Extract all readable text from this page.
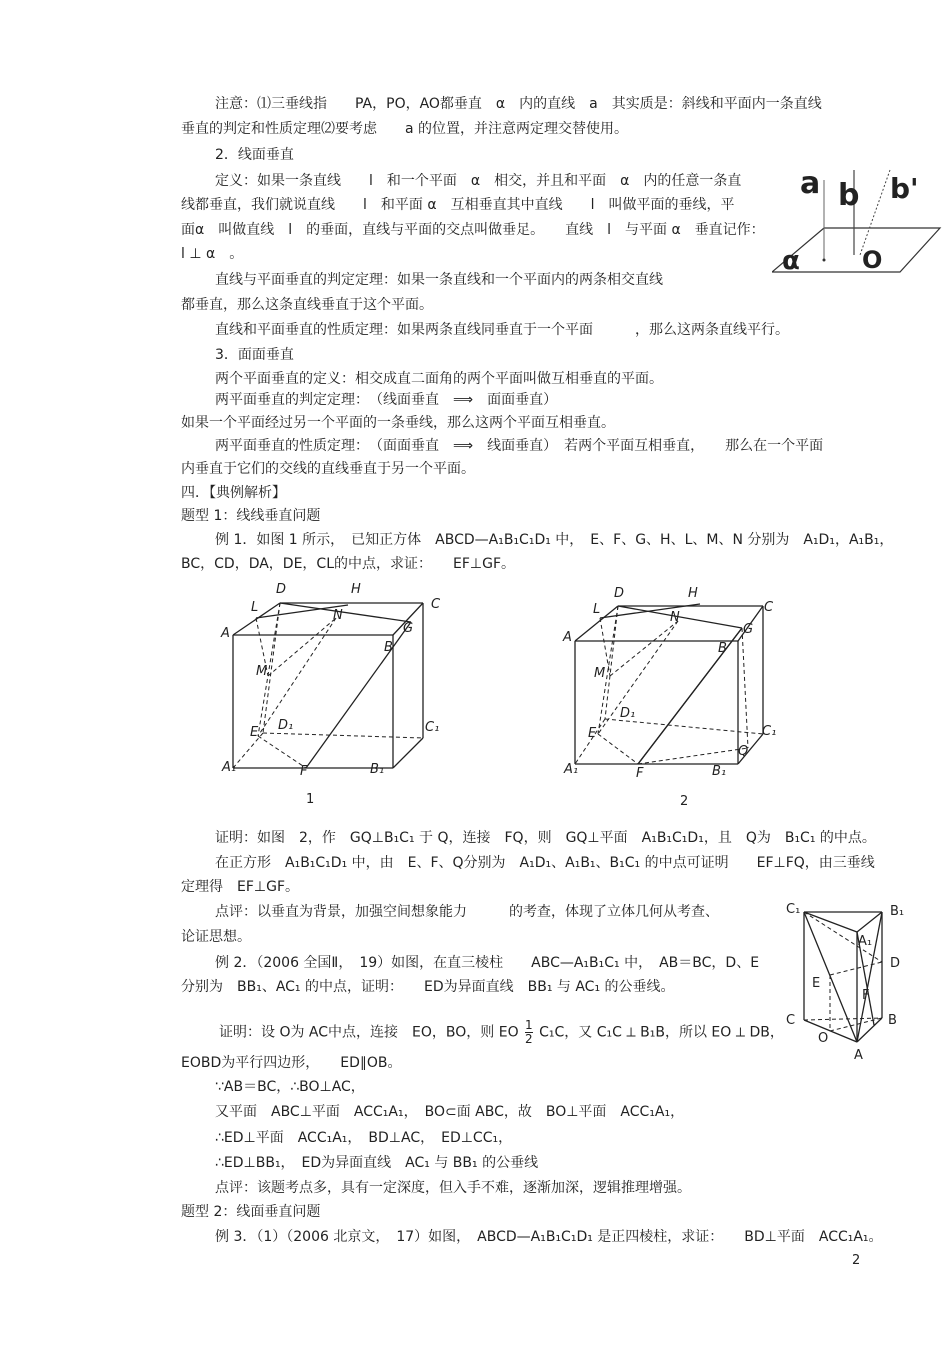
注意：⑴三垂线指　　PA，PO，AO都垂直　α　内的直线　a　其实质是：斜线和平面内一条直线
垂直的判定和性质定理⑵要考虑　　a 的位置，并注意两定理交替使用。
2．线面垂直
定义：如果一条直线　　l　和一个平面　α　相交，并且和平面　α　内的任意一条直
线都垂直，我们就说直线　　l　和平面 α　互相垂直其中直线　　l　叫做平面的垂线，平
面α　叫做直线　l　的垂面，直线与平面的交点叫做垂足。　　直线　l　与平面 α　垂直记作：
l ⊥ α　。
直线与平面垂直的判定定理：如果一条直线和一个平面内的两条相交直线
都垂直，那么这条直线垂直于这个平面。
直线和平面垂直的性质定理：如果两条直线同垂直于一个平面　　　，那么这两条直线平行。
3．面面垂直
两个平面垂直的定义：相交成直二面角的两个平面叫做互相垂直的平面。
两平面垂直的判定定理：　（线面垂直　⟹　面面垂直）
如果一个平面经过另一个平面的一条垂线，那么这两个平面互相垂直。
两平面垂直的性质定理：　（面面垂直　⟹　线面垂直）　若两个平面互相垂直，　　那么在一个平面
内垂直于它们的交线的直线垂直于另一个平面。
四．【典例解析】
题型 1：线线垂直问题
例 1．如图 1 所示，　已知正方体　ABCD—A₁B₁C₁D₁ 中，　E、F、G、H、L、M、N 分别为　A₁D₁，A₁B₁，
BC，CD，DA，DE，CL的中点，求证：　　EF⊥GF。
证明：如图　2，作　GQ⊥B₁C₁ 于 Q，连接　FQ，则　GQ⊥平面　A₁B₁C₁D₁，且　Q为　B₁C₁ 的中点。
在正方形　A₁B₁C₁D₁ 中，由　E、F、Q分别为　A₁D₁、A₁B₁、B₁C₁ 的中点可证明　　EF⊥FQ，由三垂线
定理得　EF⊥GF。
点评：以垂直为背景，加强空间想象能力　　　的考查，体现了立体几何从考查、
论证思想。
例 2．（2006 全国Ⅱ，　19）如图，在直三棱柱　　ABC—A₁B₁C₁ 中，　AB＝BC，D、E
分别为　BB₁、AC₁ 的中点，证明：　　ED为异面直线　BB₁ 与 AC₁ 的公垂线。
EOBD为平行四边形，　　ED∥OB。
∵AB＝BC，∴BO⊥AC，
又平面　ABC⊥平面　ACC₁A₁，　BO⊂面 ABC，故　BO⊥平面　ACC₁A₁，
∴ED⊥平面　ACC₁A₁，　BD⊥AC，　ED⊥CC₁，
∴ED⊥BB₁，　ED为异面直线　AC₁ 与 BB₁ 的公垂线
点评：该题考点多，具有一定深度，但入手不难，逐渐加深，逻辑推理增强。
题型 2：线面垂直问题
例 3．（1）（2006 北京文，　17）如图，　ABCD—A₁B₁C₁D₁ 是正四棱柱，求证：　　BD⊥平面　ACC₁A₁。
证明：设 O为 AC中点，连接　EO，BO，则 EO $\frac{1}{2} C_1C$，又 C₁C ⟂ B₁B，所以 EO ⟂ DB，
a b b'
α	O
D	H
C
L
N
A	G
B
M
D₁	C₁
E
A₁	F	B₁
1
D	H
C
L
N
A
G
B
M
D₁
C₁
E
Q
A₁	F	B₁
2
C₁	B₁
A₁
D
E
F
C	B
O
A
2
